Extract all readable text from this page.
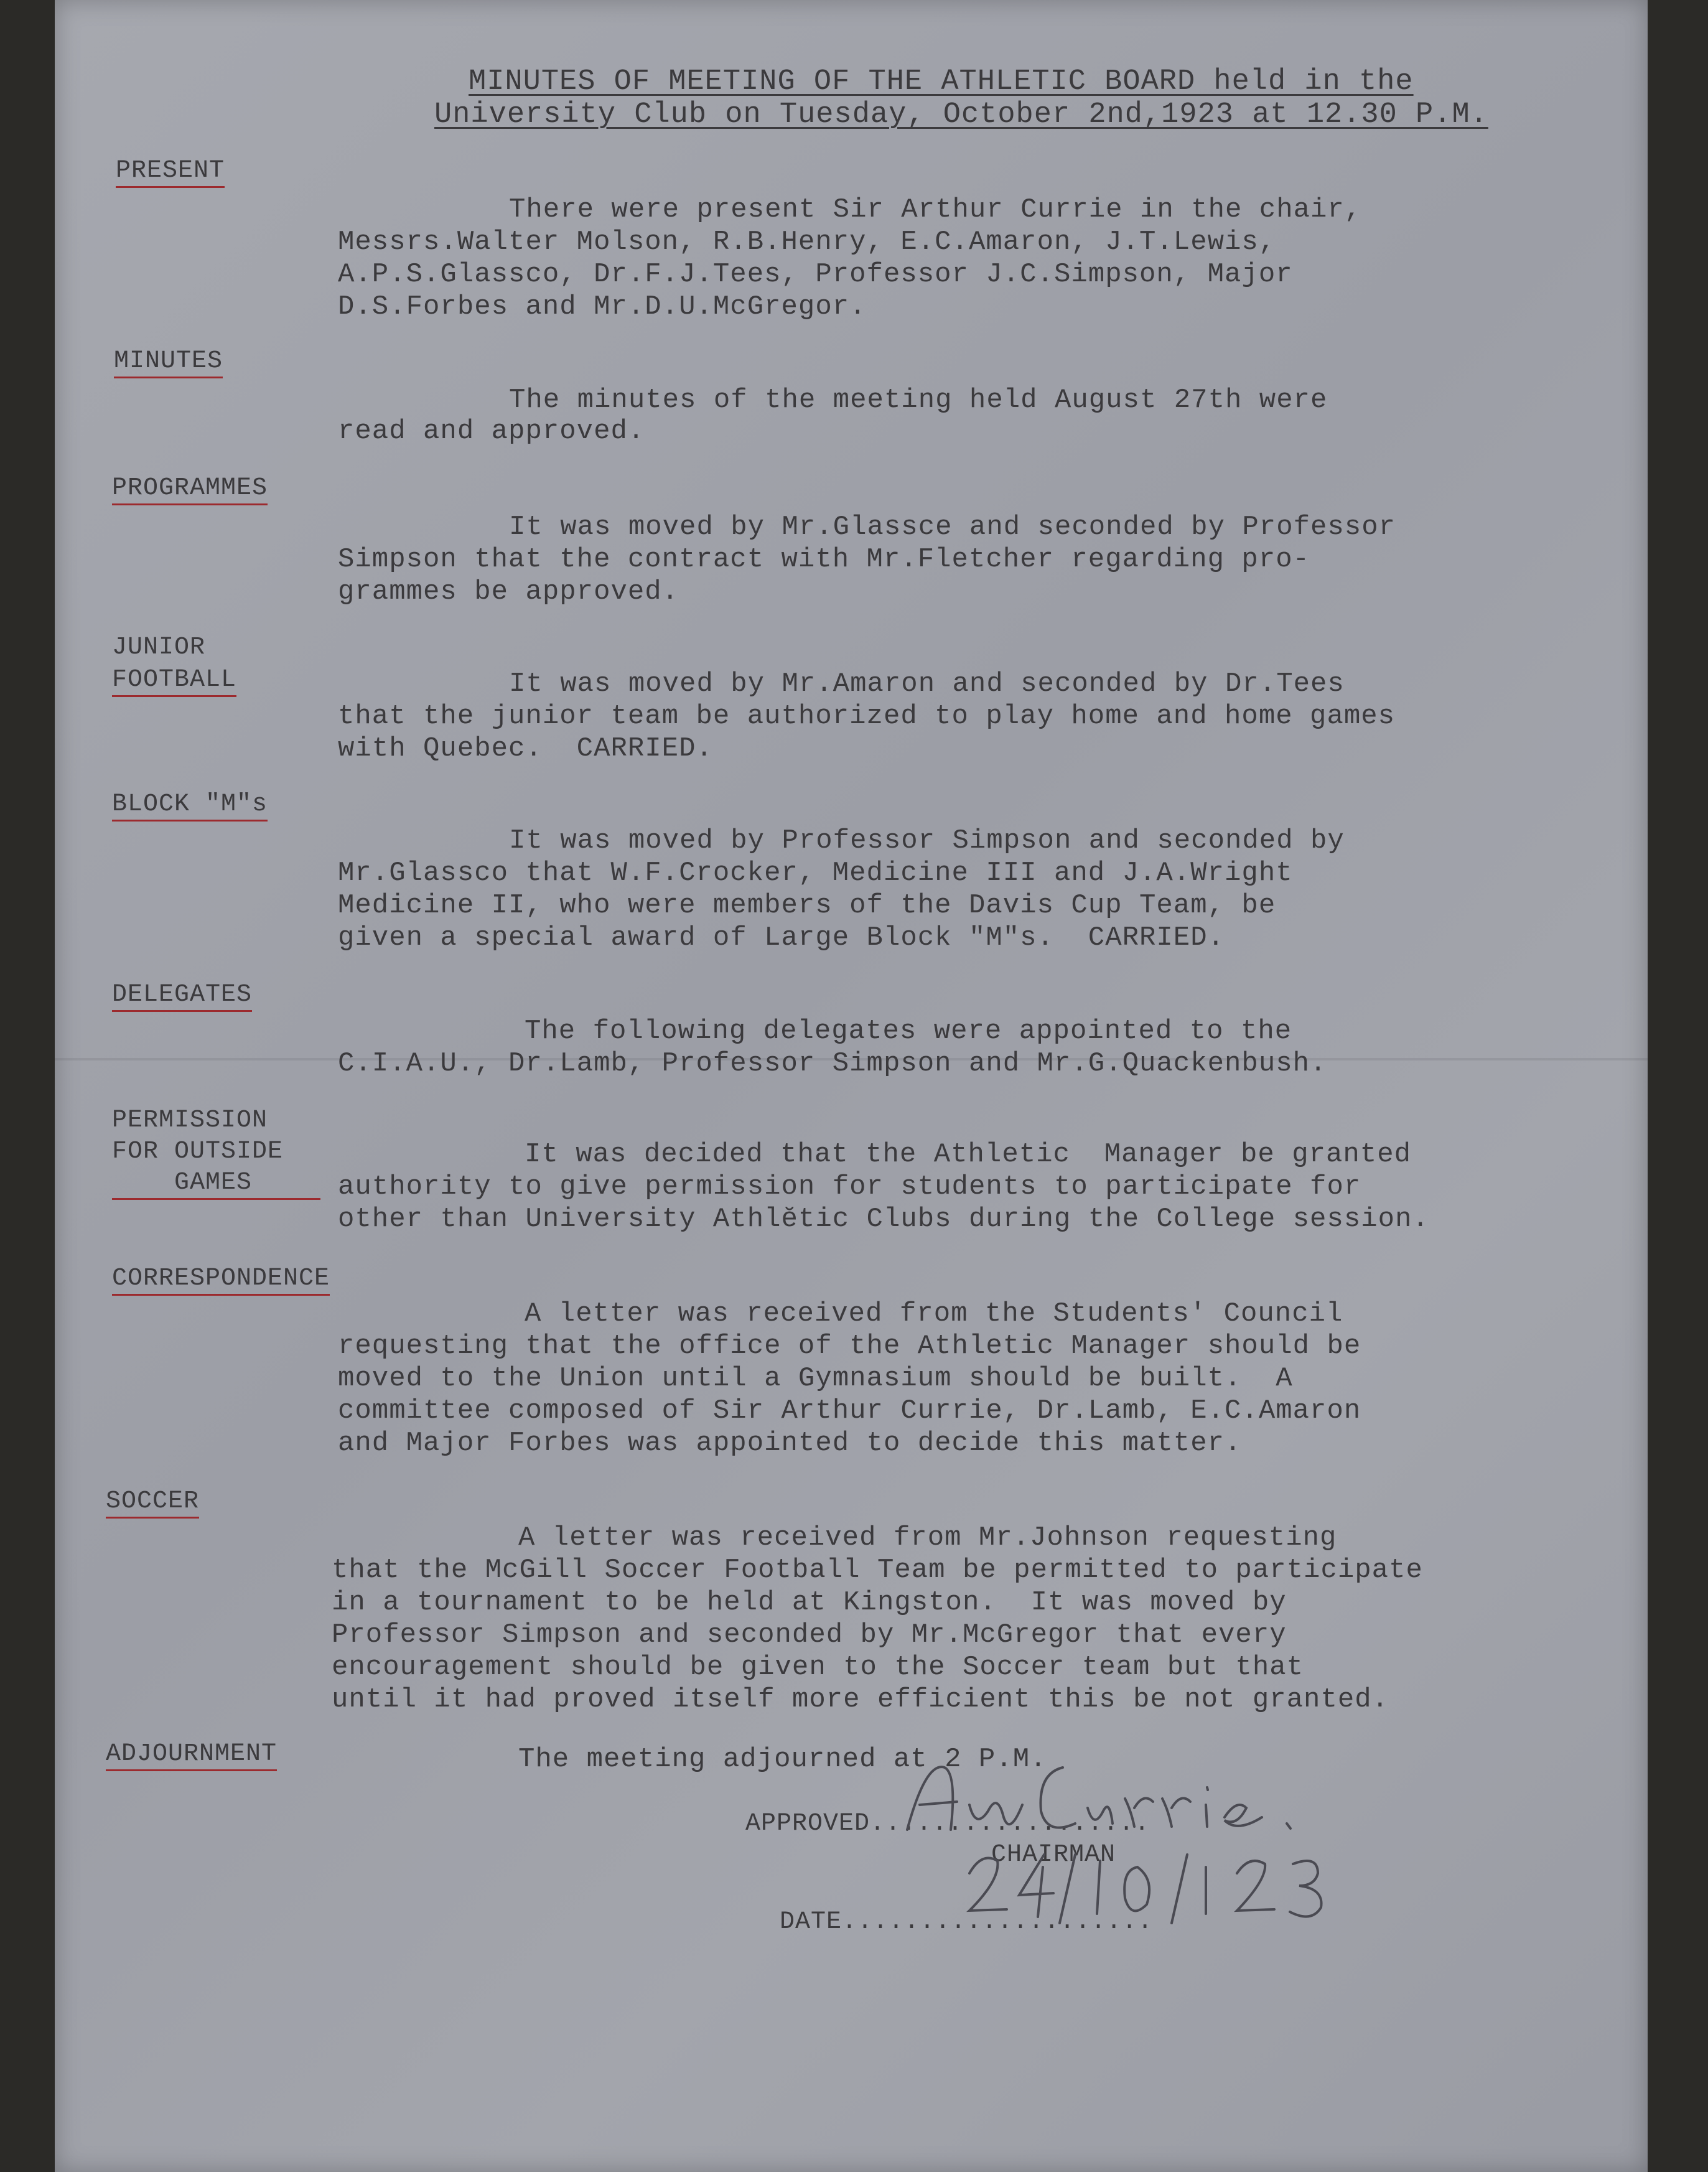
MINUTES OF MEETING OF THE ATHLETIC BOARD held in the
University Club on Tuesday, October 2nd,1923 at 12.30 P.M.
PRESENT
There were present Sir Arthur Currie in the chair,
Messrs.Walter Molson, R.B.Henry, E.C.Amaron, J.T.Lewis,
A.P.S.Glassco, Dr.F.J.Tees, Professor J.C.Simpson, Major
D.S.Forbes and Mr.D.U.McGregor.
MINUTES
The minutes of the meeting held August 27th were
read and approved.
PROGRAMMES
It was moved by Mr.Glassce and seconded by Professor
Simpson that the contract with Mr.Fletcher regarding pro-
grammes be approved.
JUNIOR
FOOTBALL	It was moved by Mr.Amaron and seconded by Dr.Tees
that the junior team be authorized to play home and home games
with Quebec.  CARRIED.
BLOCK "M"s
It was moved by Professor Simpson and seconded by
Mr.Glassco that W.F.Crocker, Medicine III and J.A.Wright
Medicine II, who were members of the Davis Cup Team, be
given a special award of Large Block "M"s.  CARRIED.
DELEGATES
The following delegates were appointed to the
C.I.A.U., Dr.Lamb, Professor Simpson and Mr.G.Quackenbush.
PERMISSION
FOR OUTSIDE
GAMES
It was decided that the Athletic  Manager be granted
authority to give permission for students to participate for
other than University Athlĕtic Clubs during the College session.
CORRESPONDENCE
A letter was received from the Students' Council
requesting that the office of the Athletic Manager should be
moved to the Union until a Gymnasium should be built.  A
committee composed of Sir Arthur Currie, Dr.Lamb, E.C.Amaron
and Major Forbes was appointed to decide this matter.
SOCCER
A letter was received from Mr.Johnson requesting
that the McGill Soccer Football Team be permitted to participate
in a tournament to be held at Kingston.  It was moved by
Professor Simpson and seconded by Mr.McGregor that every
encouragement should be given to the Soccer team but that
until it had proved itself more efficient this be not granted.
ADJOURNMENT	The meeting adjourned at 2 P.M.
APPROVED..................
CHAIRMAN
DATE....................
